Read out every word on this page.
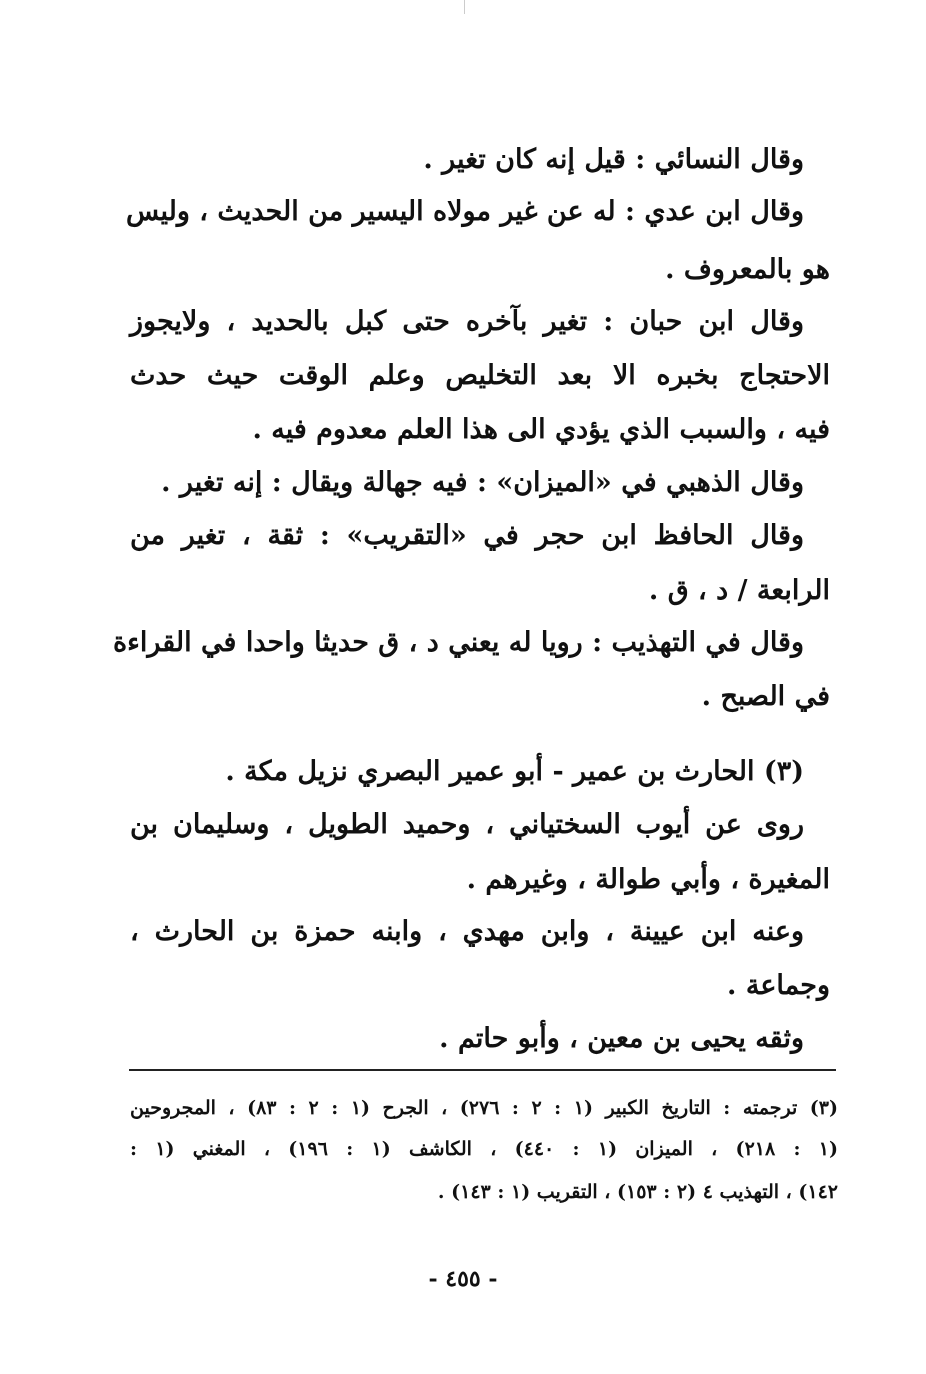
وقال النسائي : قيل إنه كان تغير .
وقال ابن عدي : له عن غير مولاه اليسير من الحديث ، وليس
هو بالمعروف .
وقال ابن حبان : تغير بآخره حتى كبل بالحديد ، ولايجوز
الاحتجاج بخبره الا بعد التخليص وعلم الوقت حيث حدث
فيه ، والسبب الذي يؤدي الى هذا العلم معدوم فيه .
وقال الذهبي في «الميزان» : فيه جهالة ويقال : إنه تغير .
وقال الحافظ ابن حجر في «التقريب» : ثقة ، تغير من
الرابعة / د ، ق .
وقال في التهذيب : رويا له يعني د ، ق حديثا واحدا في القراءة
في الصبح .
(٣) الحارث بن عمير - أبو عمير البصري نزيل مكة .
روى عن أيوب السختياني ، وحميد الطويل ، وسليمان بن
المغيرة ، وأبي طوالة ، وغيرهم .
وعنه ابن عيينة ، وابن مهدي ، وابنه حمزة بن الحارث ،
وجماعة .
وثقه يحيى بن معين ، وأبو حاتم .
(٣) ترجمته : التاريخ الكبير (١ : ٢ : ٢٧٦) ، الجرح (١ : ٢ : ٨٣) ، المجروحين
(١ : ٢١٨) ، الميزان (١ : ٤٤٠) ، الكاشف (١ : ١٩٦) ، المغني (١ :
١٤٢) ، التهذيب ٤ (٢ : ١٥٣) ، التقريب (١ : ١٤٣) .
- ٤٥٥ -
